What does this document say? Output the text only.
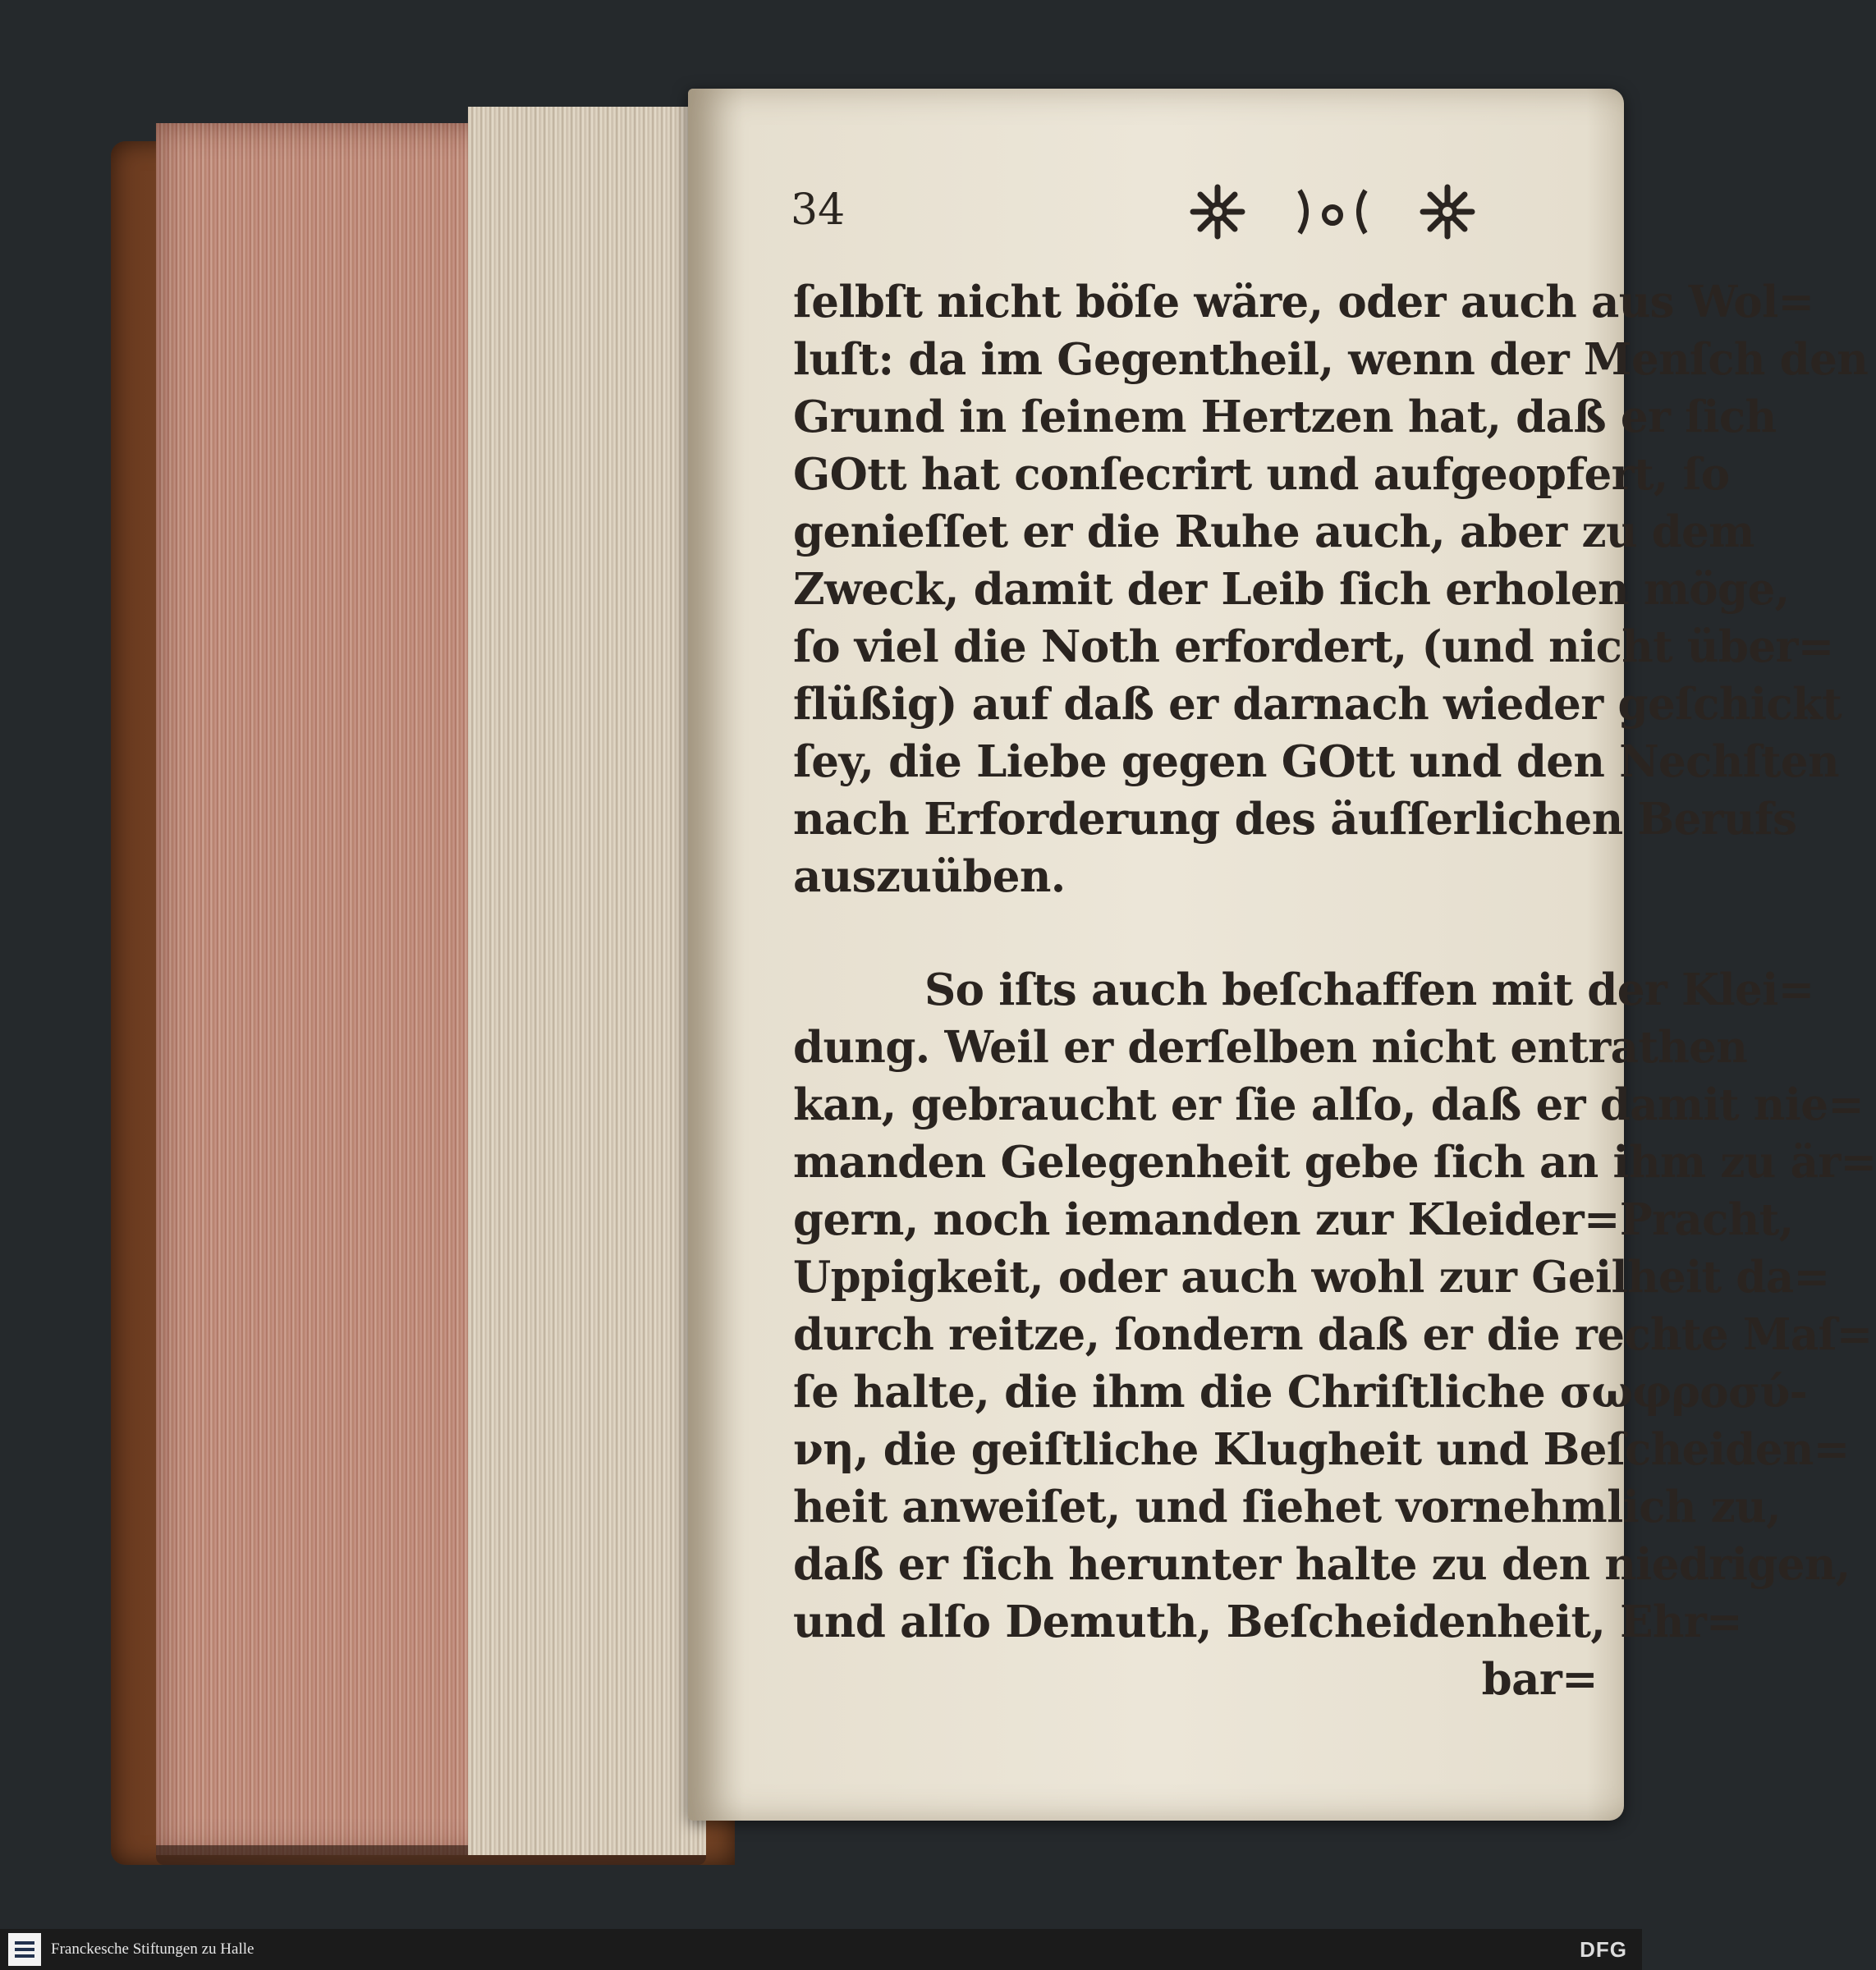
34
ſelbſt nicht böſe wäre, oder auch aus Wol=
luſt: da im Gegentheil, wenn der Menſch den
Grund in ſeinem Hertzen hat, daß er ſich
GOtt hat conſecrirt und aufgeopfert, ſo
genieſſet er die Ruhe auch, aber zu dem
Zweck, damit der Leib ſich erholen möge,
ſo viel die Noth erfordert, (und nicht über=
flüßig) auf daß er darnach wieder geſchickt
ſey, die Liebe gegen GOtt und den Nechſten
nach Erforderung des äuſſerlichen Berufs
auszuüben.
So iſts auch beſchaffen mit der Klei=
dung. Weil er derſelben nicht entrathen
kan, gebraucht er ſie alſo, daß er damit nie=
manden Gelegenheit gebe ſich an ihm zu är=
gern, noch iemanden zur Kleider=Pracht,
Uppigkeit, oder auch wohl zur Geilheit da=
durch reitze, ſondern daß er die rechte Maſ=
ſe halte, die ihm die Chriſtliche σωφροσύ-
νη, die geiſtliche Klugheit und Beſcheiden=
heit anweiſet, und ſiehet vornehmlich zu,
daß er ſich herunter halte zu den niedrigen,
und alſo Demuth, Beſcheidenheit, Ehr=
bar=
Franckesche Stiftungen zu Halle	DFG
